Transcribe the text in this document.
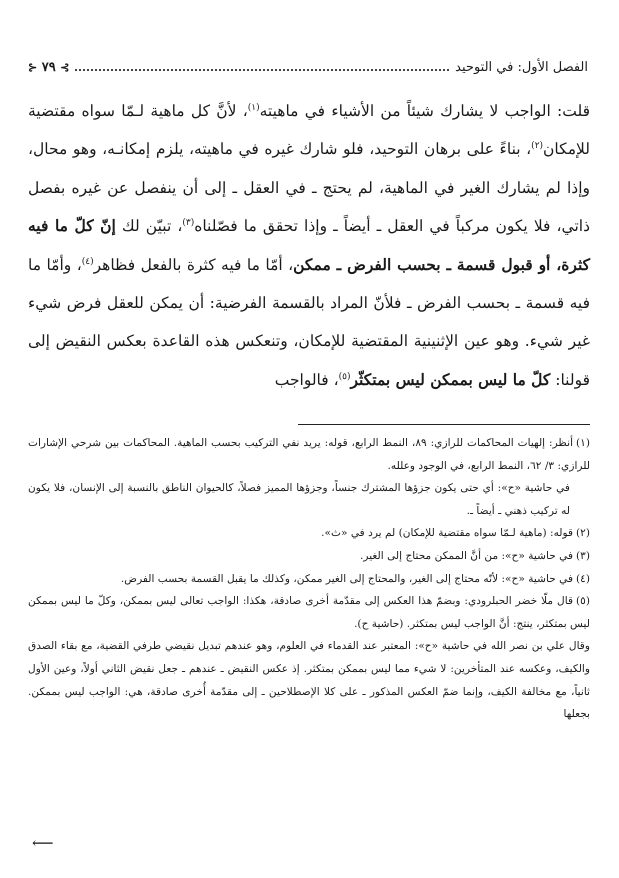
الفصل الأول: في التوحيد
⊱ ٧٩ ⊰

قلت: الواجب لا يشارك شيئاً من الأشياء في ماهيته$^{(١)}$، لأنَّ كل ماهية لـمّا سواه مقتضية للإمكان$^{(٢)}$، بناءً على برهان التوحيد، فلو شارك غيره في ماهيته، يلزم إمكانـه، وهو محال، وإذا لم يشارك الغير في الماهية، لم يحتج ـ في العقل ـ إلى أن ينفصل عن غيره بفصل ذاتي، فلا يكون مركباً في العقل ـ أيضاً ـ وإذا تحقق ما فصّلناه$^{(٣)}$، تبيّن لك إنّ كلّ ما فيه كثرة، أو قبول قسمة ـ بحسب الفرض ـ ممكن، أمّا ما فيه كثرة بالفعل فظاهر$^{(٤)}$، وأمّا ما فيه قسمة ـ بحسب الفرض ـ فلأنّ المراد بالقسمة الفرضية: أن يمكن للعقل فرض شيء غير شيء. وهو عين الإثنينية المقتضية للإمكان، وتنعكس هذه القاعدة بعكس النقيض إلى قولنا: كلّ ما ليس بممكن ليس بمتكثّر$^{(٥)}$، فالواجب

(١)أنظر: إلهيات المحاكمات للرازي: ٨٩، النمط الرابع، قوله: يريد نفي التركيب بحسب الماهية. المحاكمات بين شرحي الإشارات للرازي: ٣/ ٦٢، النمط الرابع، في الوجود وعلله.

في حاشية «ح»: أي حتى يكون جزؤها المشترك جنساً، وجزؤها المميز فصلاً، كالحيوان الناطق بالنسبة إلى الإنسان، فلا يكون له تركيب ذهني ـ أيضاً ـ.

(٢)قوله: (ماهية لـمّا سواه مقتضية للإمكان) لم يرد في «ث».

(٣)في حاشية «ح»: من أنَّ الممكن محتاج إلى الغير.

(٤)في حاشية «ح»: لأنّه محتاج إلى الغير، والمحتاج إلى الغير ممكن، وكذلك ما يقبل القسمة بحسب الفرض.

(٥)قال ملّا خضر الحبلرودي: وبضمّ هذا العكس إلى مقدّمة أخرى صادقة، هكذا: الواجب تعالى ليس بممكن، وكلّ ما ليس بممكن ليس بمتكثر، ينتج: أنَّ الواجب ليس بمتكثر. (حاشية ح).

وقال علي بن نصر الله في حاشية «ح»: المعتبر عند القدماء في العلوم، وهو عندهم تبديل نقيضي طرفي القضية، مع بقاء الصدق والكيف، وعكسه عند المتأخرين: لا شيء مما ليس بممكن بمتكثر. إذ عكس النقيض ـ عندهم ـ جعل نقيض الثاني أولاً، وعين الأول ثانياً، مع مخالفة الكيف، وإنما ضمّ العكس المذكور ـ على كلا الإصطلاحين ـ إلى مقدّمة أُخرى صادقة، هي: الواجب ليس بممكن. بجعلها

⟵
